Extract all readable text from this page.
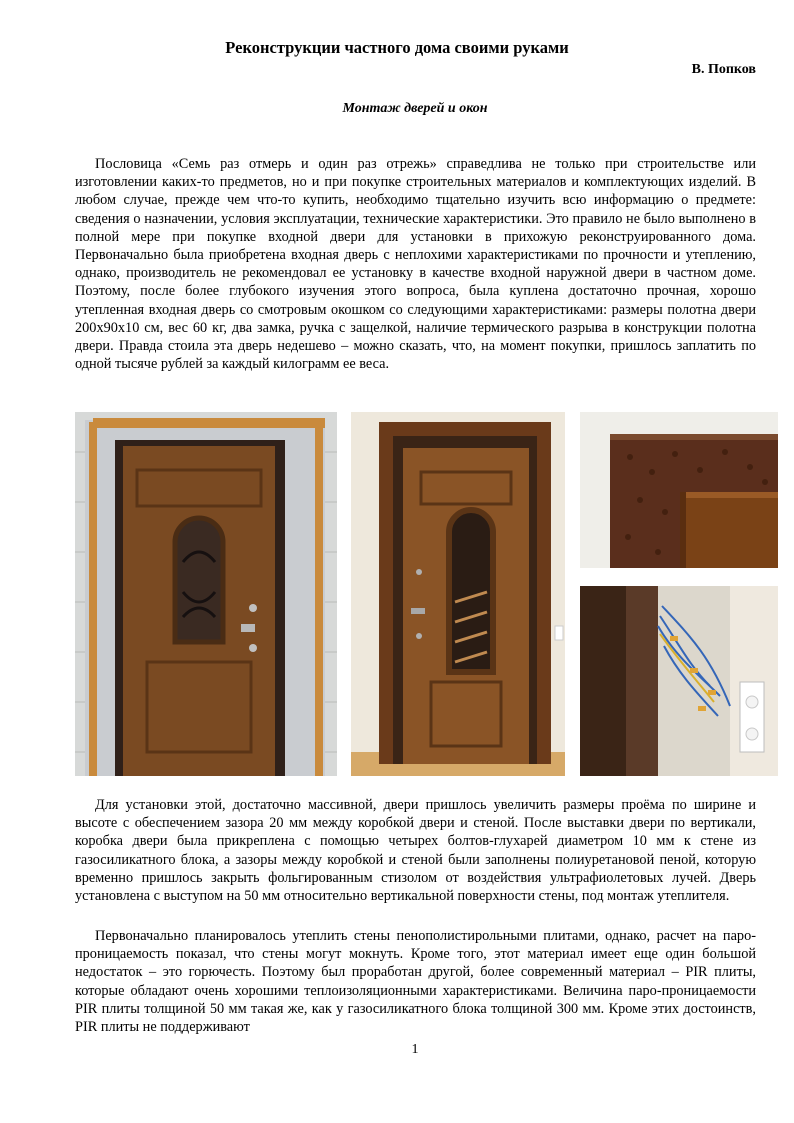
Реконструкции частного дома своими руками
В. Попков
Монтаж дверей и окон

Пословица «Семь раз отмерь и один раз отрежь» справедлива не только при строительстве или изготовлении каких-то предметов, но и при покупке строительных материалов и комплектующих изделий. В любом случае, прежде чем что-то купить, необходимо тщательно изучить всю информацию о предмете: сведения о назначении, условия эксплуатации, технические характеристики. Это правило не было выполнено в полной мере при покупке входной двери для установки в прихожую реконструированного дома. Первоначально была приобретена входная дверь с неплохими характеристиками по прочности и утеплению, однако, производитель не рекомендовал ее установку в качестве входной наружной двери в частном доме. Поэтому, после более глубокого изучения этого вопроса, была куплена достаточно прочная, хорошо утепленная входная дверь со смотровым окошком со следующими характеристиками: размеры полотна двери 200x90x10 см, вес 60 кг, два замка, ручка с защелкой, наличие термического разрыва в конструкции полотна двери. Правда стоила эта дверь недешево – можно сказать, что, на момент покупки, пришлось заплатить по одной тысяче рублей за каждый килограмм ее веса.

Для установки этой, достаточно массивной, двери пришлось увеличить размеры проёма по ширине и высоте с обеспечением зазора 20 мм между коробкой двери и стеной. После выставки двери по вертикали, коробка двери была прикреплена с помощью четырех болтов-глухарей диаметром 10 мм к стене из газосиликатного блока, а зазоры между коробкой и стеной были заполнены полиуретановой пеной, которую временно пришлось закрыть фольгированным стизолом от воздействия ультрафиолетовых лучей. Дверь установлена с выступом на 50 мм относительно вертикальной поверхности стены, под монтаж утеплителя.

Первоначально планировалось утеплить стены пенополистирольными плитами, однако, расчет на паро-проницаемость показал, что стены могут мокнуть. Кроме того, этот материал имеет еще один большой недостаток – это горючесть. Поэтому был проработан другой, более современный материал – PIR плиты, которые обладают очень хорошими теплоизоляционными характеристиками. Величина паро-проницаемости PIR плиты толщиной 50 мм такая же, как у газосиликатного блока толщиной 300 мм. Кроме этих достоинств, PIR плиты не поддерживают

1
